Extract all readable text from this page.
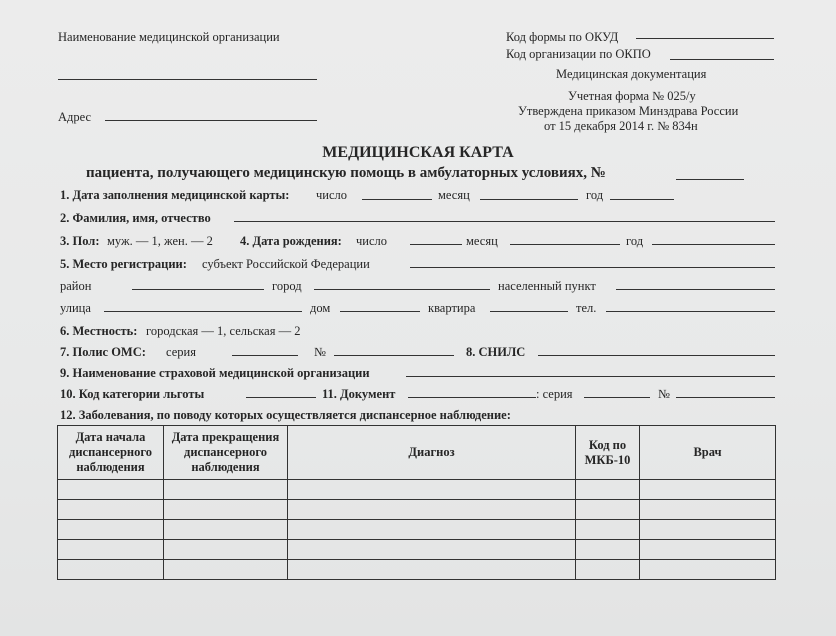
Наименование медицинской организации
Адрес
Код формы по ОКУД
Код организации по ОКПО
Медицинская документация
Учетная форма № 025/у
Утверждена приказом Минздрава России
от 15 декабря 2014 г. № 834н
МЕДИЦИНСКАЯ КАРТА
пациента, получающего медицинскую помощь в амбулаторных условиях, №
1. Дата заполнения медицинской карты: число	месяц	год
2. Фамилия, имя, отчество
3. Пол: муж. — 1, жен. — 2 4. Дата рождения: число	месяц	год
5. Место регистрации: субъект Российской Федерации
район	город	населенный пункт
улица	дом	квартира	тел.
6. Местность: городская — 1, сельская — 2
7. Полис ОМС: серия	№	8. СНИЛС
9. Наименование страховой медицинской организации
10. Код категории льготы	11. Документ	: серия	№
12. Заболевания, по поводу которых осуществляется диспансерное наблюдение:
Дата начала диспансерного наблюдения	Дата прекращения диспансерного наблюдения	Диагноз	Код по МКБ-10	Врач
